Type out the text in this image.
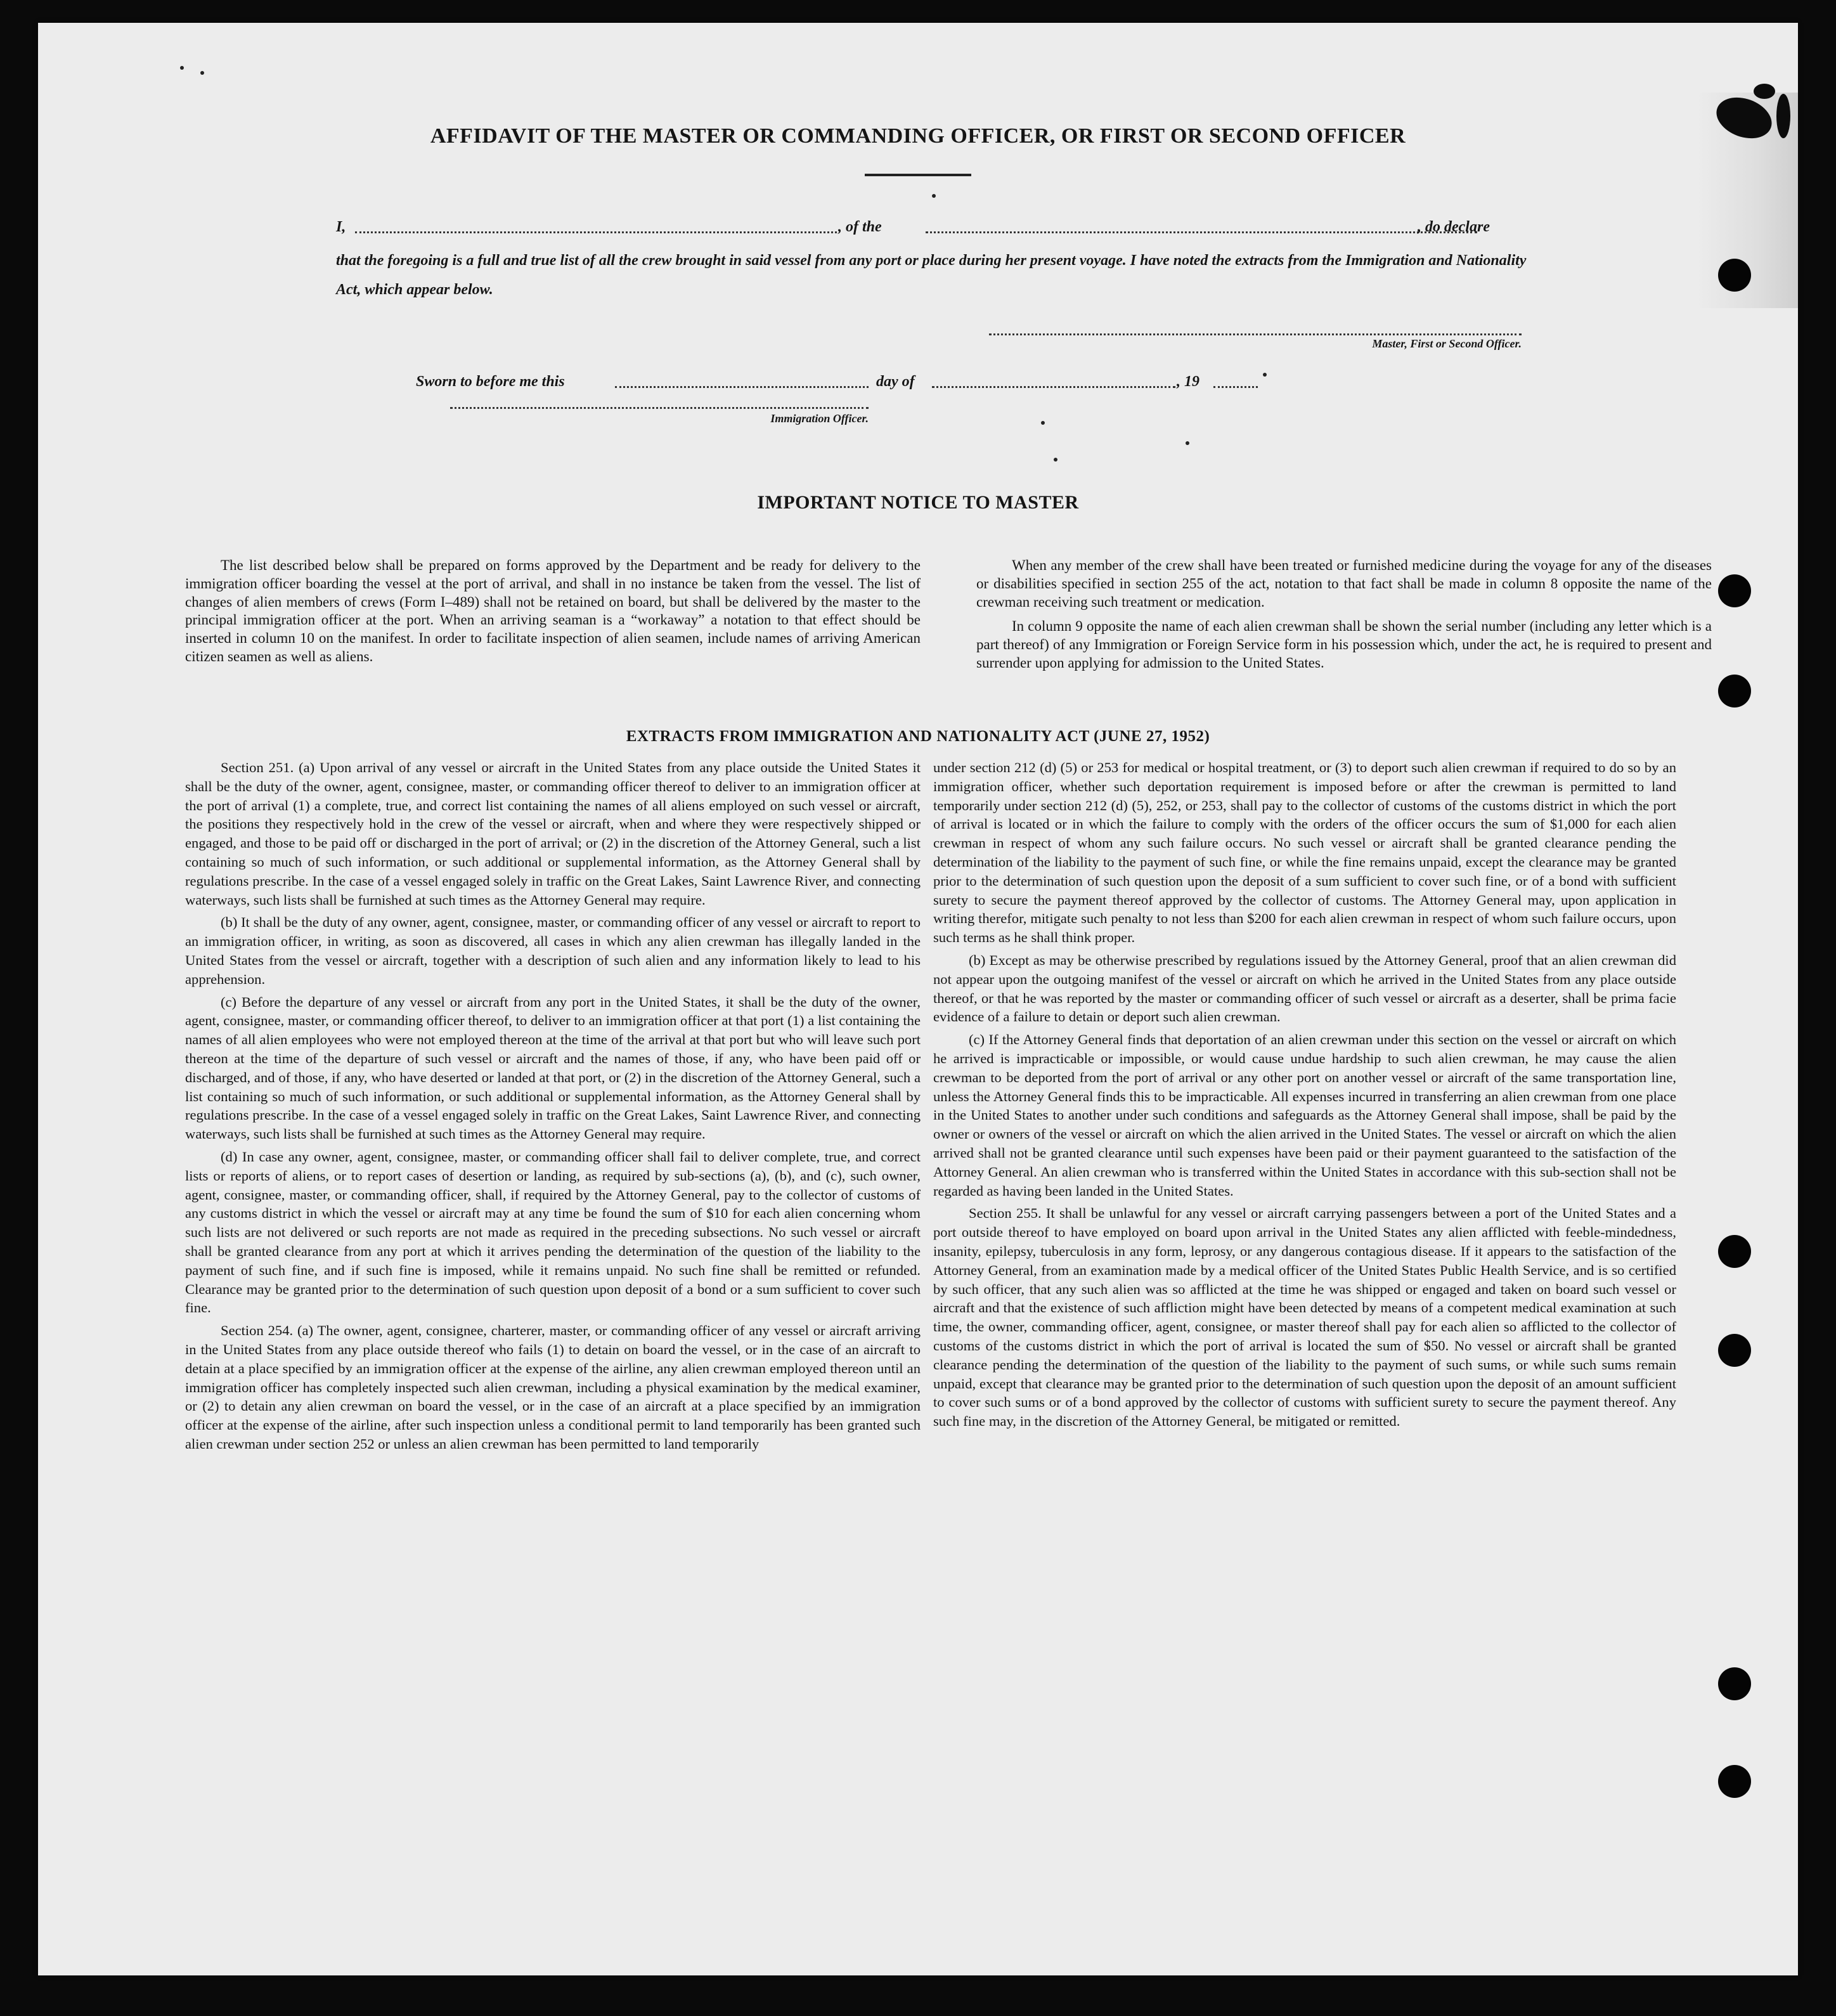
AFFIDAVIT OF THE MASTER OR COMMANDING OFFICER, OR FIRST OR SECOND OFFICER
I,	, of the	, do declare
that the foregoing is a full and true list of all the crew brought in said vessel from any port or place during her present voyage. I have noted the extracts from the Immigration and Nationality Act, which appear below.
Master, First or Second Officer.
Sworn to before me this	day of	, 19
Immigration Officer.
IMPORTANT NOTICE TO MASTER

The list described below shall be prepared on forms approved by the Department and be ready for delivery to the immigration officer boarding the vessel at the port of arrival, and shall in no instance be taken from the vessel. The list of changes of alien members of crews (Form I–489) shall not be retained on board, but shall be delivered by the master to the principal immigration officer at the port. When an arriving seaman is a “workaway” a notation to that effect should be inserted in column 10 on the manifest. In order to facilitate inspection of alien seamen, include names of arriving American citizen seamen as well as aliens.

When any member of the crew shall have been treated or furnished medicine during the voyage for any of the diseases or disabilities specified in section 255 of the act, notation to that fact shall be made in column 8 opposite the name of the crewman receiving such treatment or medication.

In column 9 opposite the name of each alien crewman shall be shown the serial number (including any letter which is a part thereof) of any Immigration or Foreign Service form in his possession which, under the act, he is required to present and surrender upon applying for admission to the United States.

EXTRACTS FROM IMMIGRATION AND NATIONALITY ACT (JUNE 27, 1952)

Section 251. (a) Upon arrival of any vessel or aircraft in the United States from any place outside the United States it shall be the duty of the owner, agent, consignee, master, or commanding officer thereof to deliver to an immigration officer at the port of arrival (1) a complete, true, and correct list containing the names of all aliens employed on such vessel or aircraft, the positions they respectively hold in the crew of the vessel or aircraft, when and where they were respectively shipped or engaged, and those to be paid off or discharged in the port of arrival; or (2) in the discretion of the Attorney General, such a list containing so much of such information, or such additional or supplemental information, as the Attorney General shall by regulations prescribe. In the case of a vessel engaged solely in traffic on the Great Lakes, Saint Lawrence River, and connecting waterways, such lists shall be furnished at such times as the Attorney General may require.

(b) It shall be the duty of any owner, agent, consignee, master, or commanding officer of any vessel or aircraft to report to an immigration officer, in writing, as soon as discovered, all cases in which any alien crewman has illegally landed in the United States from the vessel or aircraft, together with a description of such alien and any information likely to lead to his apprehension.

(c) Before the departure of any vessel or aircraft from any port in the United States, it shall be the duty of the owner, agent, consignee, master, or commanding officer thereof, to deliver to an immigration officer at that port (1) a list containing the names of all alien employees who were not employed thereon at the time of the arrival at that port but who will leave such port thereon at the time of the departure of such vessel or aircraft and the names of those, if any, who have been paid off or discharged, and of those, if any, who have deserted or landed at that port, or (2) in the discretion of the Attorney General, such a list containing so much of such information, or such additional or supplemental information, as the Attorney General shall by regulations prescribe. In the case of a vessel engaged solely in traffic on the Great Lakes, Saint Lawrence River, and connecting waterways, such lists shall be furnished at such times as the Attorney General may require.

(d) In case any owner, agent, consignee, master, or commanding officer shall fail to deliver complete, true, and correct lists or reports of aliens, or to report cases of desertion or landing, as required by sub-sections (a), (b), and (c), such owner, agent, consignee, master, or commanding officer, shall, if required by the Attorney General, pay to the collector of customs of any customs district in which the vessel or aircraft may at any time be found the sum of $10 for each alien concerning whom such lists are not delivered or such reports are not made as required in the preceding subsections. No such vessel or aircraft shall be granted clearance from any port at which it arrives pending the determination of the question of the liability to the payment of such fine, and if such fine is imposed, while it remains unpaid. No such fine shall be remitted or refunded. Clearance may be granted prior to the determination of such question upon deposit of a bond or a sum sufficient to cover such fine.

Section 254. (a) The owner, agent, consignee, charterer, master, or commanding officer of any vessel or aircraft arriving in the United States from any place outside thereof who fails (1) to detain on board the vessel, or in the case of an aircraft to detain at a place specified by an immigration officer at the expense of the airline, any alien crewman employed thereon until an immigration officer has completely inspected such alien crewman, including a physical examination by the medical examiner, or (2) to detain any alien crewman on board the vessel, or in the case of an aircraft at a place specified by an immigration officer at the expense of the airline, after such inspection unless a conditional permit to land temporarily has been granted such alien crewman under section 252 or unless an alien crewman has been permitted to land temporarily

under section 212 (d) (5) or 253 for medical or hospital treatment, or (3) to deport such alien crewman if required to do so by an immigration officer, whether such deportation requirement is imposed before or after the crewman is permitted to land temporarily under section 212 (d) (5), 252, or 253, shall pay to the collector of customs of the customs district in which the port of arrival is located or in which the failure to comply with the orders of the officer occurs the sum of $1,000 for each alien crewman in respect of whom any such failure occurs. No such vessel or aircraft shall be granted clearance pending the determination of the liability to the payment of such fine, or while the fine remains unpaid, except the clearance may be granted prior to the determination of such question upon the deposit of a sum sufficient to cover such fine, or of a bond with sufficient surety to secure the payment thereof approved by the collector of customs. The Attorney General may, upon application in writing therefor, mitigate such penalty to not less than $200 for each alien crewman in respect of whom such failure occurs, upon such terms as he shall think proper.

(b) Except as may be otherwise prescribed by regulations issued by the Attorney General, proof that an alien crewman did not appear upon the outgoing manifest of the vessel or aircraft on which he arrived in the United States from any place outside thereof, or that he was reported by the master or commanding officer of such vessel or aircraft as a deserter, shall be prima facie evidence of a failure to detain or deport such alien crewman.

(c) If the Attorney General finds that deportation of an alien crewman under this section on the vessel or aircraft on which he arrived is impracticable or impossible, or would cause undue hardship to such alien crewman, he may cause the alien crewman to be deported from the port of arrival or any other port on another vessel or aircraft of the same transportation line, unless the Attorney General finds this to be impracticable. All expenses incurred in transferring an alien crewman from one place in the United States to another under such conditions and safeguards as the Attorney General shall impose, shall be paid by the owner or owners of the vessel or aircraft on which the alien arrived in the United States. The vessel or aircraft on which the alien arrived shall not be granted clearance until such expenses have been paid or their payment guaranteed to the satisfaction of the Attorney General. An alien crewman who is transferred within the United States in accordance with this sub-section shall not be regarded as having been landed in the United States.

Section 255. It shall be unlawful for any vessel or aircraft carrying passengers between a port of the United States and a port outside thereof to have employed on board upon arrival in the United States any alien afflicted with feeble-mindedness, insanity, epilepsy, tuberculosis in any form, leprosy, or any dangerous contagious disease. If it appears to the satisfaction of the Attorney General, from an examination made by a medical officer of the United States Public Health Service, and is so certified by such officer, that any such alien was so afflicted at the time he was shipped or engaged and taken on board such vessel or aircraft and that the existence of such affliction might have been detected by means of a competent medical examination at such time, the owner, commanding officer, agent, consignee, or master thereof shall pay for each alien so afflicted to the collector of customs of the customs district in which the port of arrival is located the sum of $50. No vessel or aircraft shall be granted clearance pending the determination of the question of the liability to the payment of such sums, or while such sums remain unpaid, except that clearance may be granted prior to the determination of such question upon the deposit of an amount sufficient to cover such sums or of a bond approved by the collector of customs with sufficient surety to secure the payment thereof. Any such fine may, in the discretion of the Attorney General, be mitigated or remitted.
